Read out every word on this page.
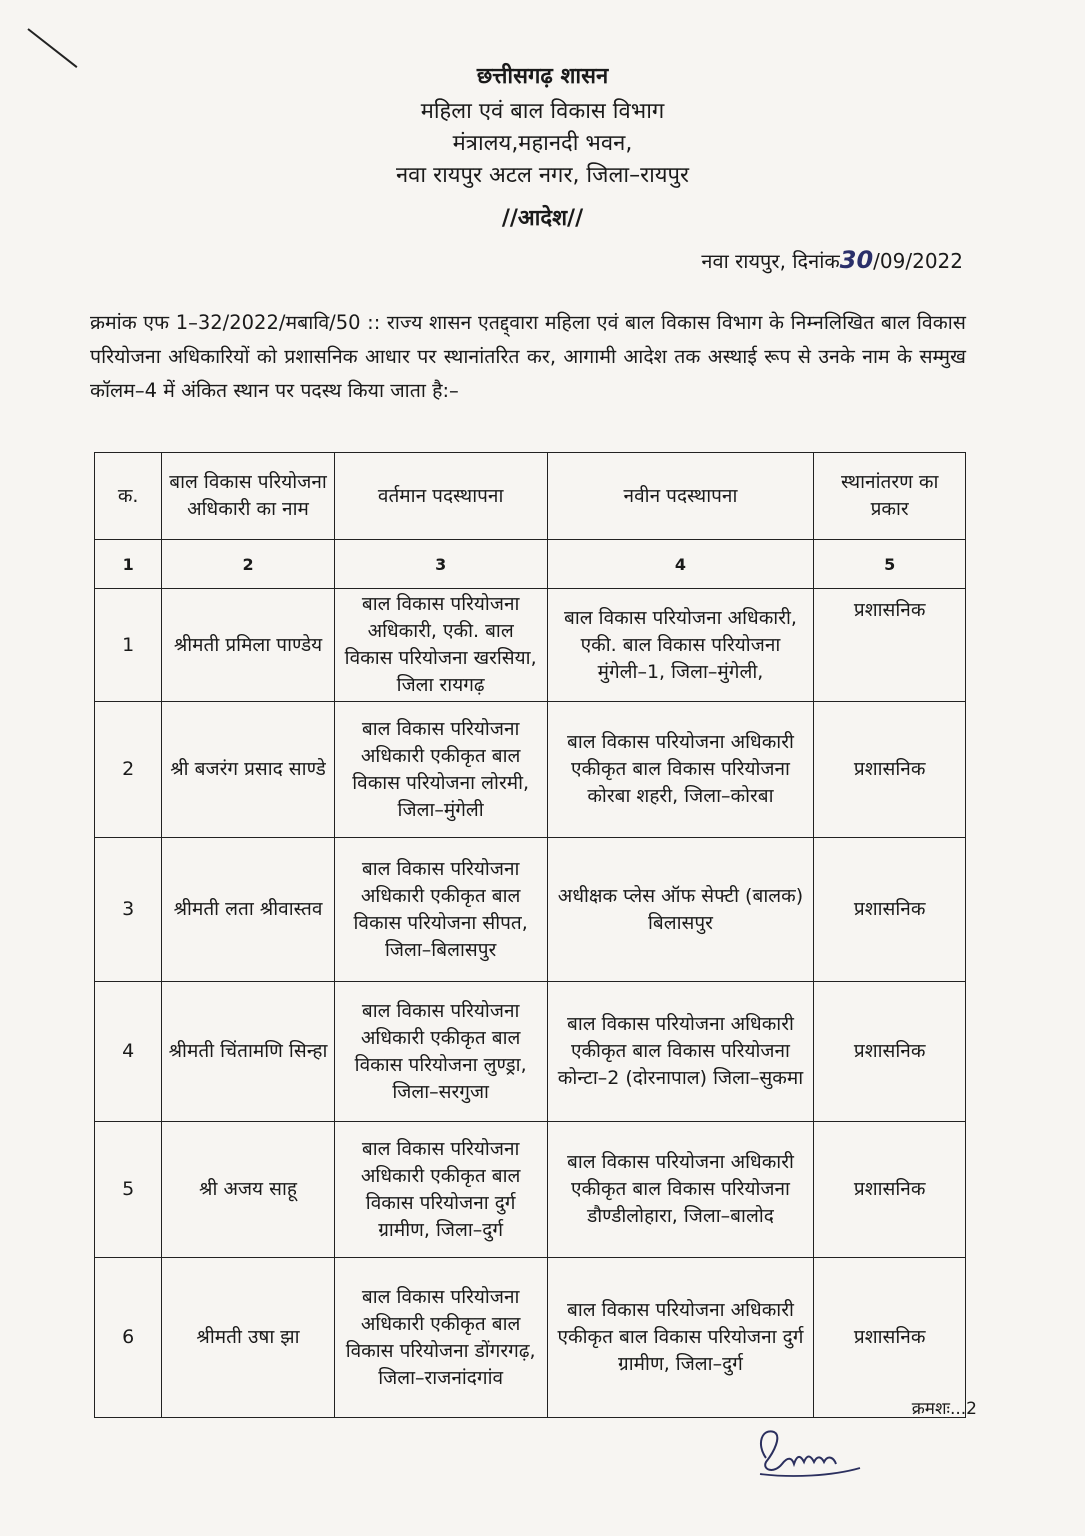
छत्तीसगढ़ शासन
महिला एवं बाल विकास विभाग
मंत्रालय,महानदी भवन,
नवा रायपुर अटल नगर, जिला–रायपुर
//आदेश//
नवा रायपुर, दिनांक30/09/2022
क्रमांक एफ 1–32/2022/मबावि/50 :: राज्य शासन एतद्द्वारा महिला एवं बाल विकास विभाग के निम्नलिखित बाल विकास परियोजना अधिकारियों को प्रशासनिक आधार पर स्थानांतरित कर, आगामी आदेश तक अस्थाई रूप से उनके नाम के सम्मुख कॉलम–4 में अंकित स्थान पर पदस्थ किया जाता है:–
क.	बाल विकास परियोजना अधिकारी का नाम	वर्तमान पदस्थापना	नवीन पदस्थापना	स्थानांतरण का प्रकार
1	2	3	4	5
1	श्रीमती प्रमिला पाण्डेय	बाल विकास परियोजना अधिकारी, एकी. बाल विकास परियोजना खरसिया, जिला रायगढ़	बाल विकास परियोजना अधिकारी, एकी. बाल विकास परियोजना मुंगेली–1, जिला–मुंगेली,	प्रशासनिक
2	श्री बजरंग प्रसाद साण्डे	बाल विकास परियोजना अधिकारी एकीकृत बाल विकास परियोजना लोरमी, जिला–मुंगेली	बाल विकास परियोजना अधिकारी एकीकृत बाल विकास परियोजना कोरबा शहरी, जिला–कोरबा	प्रशासनिक
3	श्रीमती लता श्रीवास्तव	बाल विकास परियोजना अधिकारी एकीकृत बाल विकास परियोजना सीपत, जिला–बिलासपुर	अधीक्षक प्लेस ऑफ सेफ्टी (बालक) बिलासपुर	प्रशासनिक
4	श्रीमती चिंतामणि सिन्हा	बाल विकास परियोजना अधिकारी एकीकृत बाल विकास परियोजना लुण्ड्रा, जिला–सरगुजा	बाल विकास परियोजना अधिकारी एकीकृत बाल विकास परियोजना कोन्टा–2 (दोरनापाल) जिला–सुकमा	प्रशासनिक
5	श्री अजय साहू	बाल विकास परियोजना अधिकारी एकीकृत बाल विकास परियोजना दुर्ग ग्रामीण, जिला–दुर्ग	बाल विकास परियोजना अधिकारी एकीकृत बाल विकास परियोजना डौण्डीलोहारा, जिला–बालोद	प्रशासनिक
6	श्रीमती उषा झा	बाल विकास परियोजना अधिकारी एकीकृत बाल विकास परियोजना डोंगरगढ़, जिला–राजनांदगांव	बाल विकास परियोजना अधिकारी एकीकृत बाल विकास परियोजना दुर्ग ग्रामीण, जिला–दुर्ग	प्रशासनिक
क्रमशः...2
